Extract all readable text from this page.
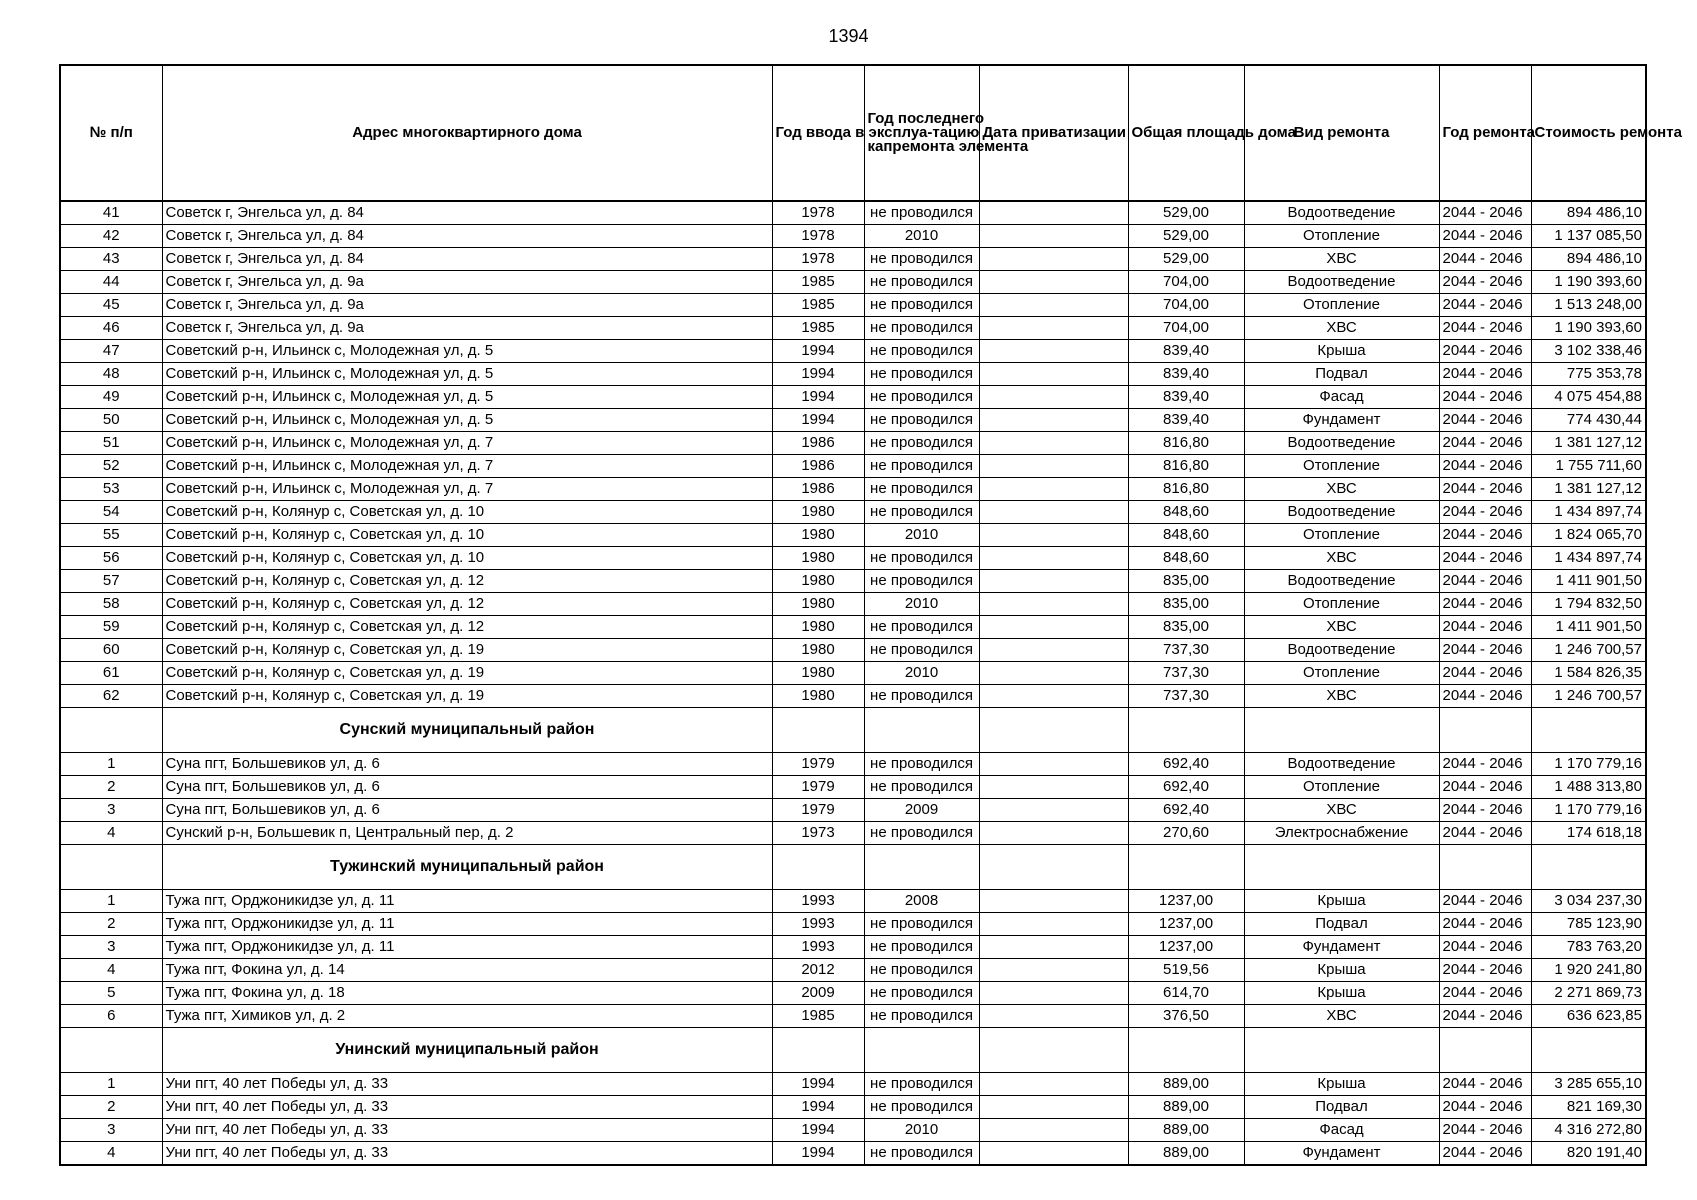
1394
№ п/п	Адрес многоквартирного дома	Год ввода в эксплуа-тацию	Год последнего
капремонта элемента	Дата приватизации	Общая площадь дома	Вид ремонта	Год ремонта	Стоимость ремонта
41	Советск г, Энгельса ул, д. 84	1978	не проводился		529,00	Водоотведение	2044 - 2046	894 486,10
42	Советск г, Энгельса ул, д. 84	1978	2010		529,00	Отопление	2044 - 2046	1 137 085,50
43	Советск г, Энгельса ул, д. 84	1978	не проводился		529,00	ХВС	2044 - 2046	894 486,10
44	Советск г, Энгельса ул, д. 9а	1985	не проводился		704,00	Водоотведение	2044 - 2046	1 190 393,60
45	Советск г, Энгельса ул, д. 9а	1985	не проводился		704,00	Отопление	2044 - 2046	1 513 248,00
46	Советск г, Энгельса ул, д. 9а	1985	не проводился		704,00	ХВС	2044 - 2046	1 190 393,60
47	Советский р-н, Ильинск с, Молодежная ул, д. 5	1994	не проводился		839,40	Крыша	2044 - 2046	3 102 338,46
48	Советский р-н, Ильинск с, Молодежная ул, д. 5	1994	не проводился		839,40	Подвал	2044 - 2046	775 353,78
49	Советский р-н, Ильинск с, Молодежная ул, д. 5	1994	не проводился		839,40	Фасад	2044 - 2046	4 075 454,88
50	Советский р-н, Ильинск с, Молодежная ул, д. 5	1994	не проводился		839,40	Фундамент	2044 - 2046	774 430,44
51	Советский р-н, Ильинск с, Молодежная ул, д. 7	1986	не проводился		816,80	Водоотведение	2044 - 2046	1 381 127,12
52	Советский р-н, Ильинск с, Молодежная ул, д. 7	1986	не проводился		816,80	Отопление	2044 - 2046	1 755 711,60
53	Советский р-н, Ильинск с, Молодежная ул, д. 7	1986	не проводился		816,80	ХВС	2044 - 2046	1 381 127,12
54	Советский р-н, Колянур с, Советская ул, д. 10	1980	не проводился		848,60	Водоотведение	2044 - 2046	1 434 897,74
55	Советский р-н, Колянур с, Советская ул, д. 10	1980	2010		848,60	Отопление	2044 - 2046	1 824 065,70
56	Советский р-н, Колянур с, Советская ул, д. 10	1980	не проводился		848,60	ХВС	2044 - 2046	1 434 897,74
57	Советский р-н, Колянур с, Советская ул, д. 12	1980	не проводился		835,00	Водоотведение	2044 - 2046	1 411 901,50
58	Советский р-н, Колянур с, Советская ул, д. 12	1980	2010		835,00	Отопление	2044 - 2046	1 794 832,50
59	Советский р-н, Колянур с, Советская ул, д. 12	1980	не проводился		835,00	ХВС	2044 - 2046	1 411 901,50
60	Советский р-н, Колянур с, Советская ул, д. 19	1980	не проводился		737,30	Водоотведение	2044 - 2046	1 246 700,57
61	Советский р-н, Колянур с, Советская ул, д. 19	1980	2010		737,30	Отопление	2044 - 2046	1 584 826,35
62	Советский р-н, Колянур с, Советская ул, д. 19	1980	не проводился		737,30	ХВС	2044 - 2046	1 246 700,57
	Сунский муниципальный район							
1	Суна пгт, Большевиков ул, д. 6	1979	не проводился		692,40	Водоотведение	2044 - 2046	1 170 779,16
2	Суна пгт, Большевиков ул, д. 6	1979	не проводился		692,40	Отопление	2044 - 2046	1 488 313,80
3	Суна пгт, Большевиков ул, д. 6	1979	2009		692,40	ХВС	2044 - 2046	1 170 779,16
4	Сунский р-н, Большевик п, Центральный пер, д. 2	1973	не проводился		270,60	Электроснабжение	2044 - 2046	174 618,18
	Тужинский муниципальный район							
1	Тужа пгт, Орджоникидзе ул, д. 11	1993	2008		1237,00	Крыша	2044 - 2046	3 034 237,30
2	Тужа пгт, Орджоникидзе ул, д. 11	1993	не проводился		1237,00	Подвал	2044 - 2046	785 123,90
3	Тужа пгт, Орджоникидзе ул, д. 11	1993	не проводился		1237,00	Фундамент	2044 - 2046	783 763,20
4	Тужа пгт, Фокина ул, д. 14	2012	не проводился		519,56	Крыша	2044 - 2046	1 920 241,80
5	Тужа пгт, Фокина ул, д. 18	2009	не проводился		614,70	Крыша	2044 - 2046	2 271 869,73
6	Тужа пгт, Химиков ул, д. 2	1985	не проводился		376,50	ХВС	2044 - 2046	636 623,85
	Унинский муниципальный район							
1	Уни пгт, 40 лет Победы ул, д. 33	1994	не проводился		889,00	Крыша	2044 - 2046	3 285 655,10
2	Уни пгт, 40 лет Победы ул, д. 33	1994	не проводился		889,00	Подвал	2044 - 2046	821 169,30
3	Уни пгт, 40 лет Победы ул, д. 33	1994	2010		889,00	Фасад	2044 - 2046	4 316 272,80
4	Уни пгт, 40 лет Победы ул, д. 33	1994	не проводился		889,00	Фундамент	2044 - 2046	820 191,40
